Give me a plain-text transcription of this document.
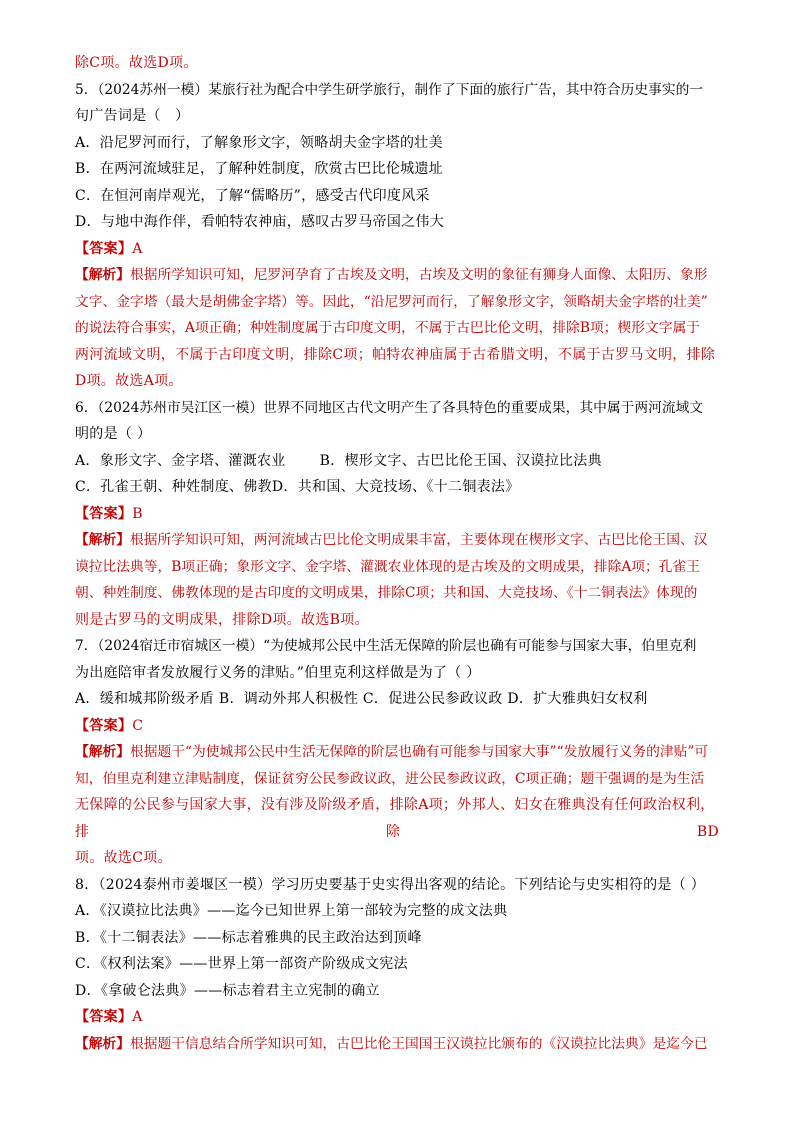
除C项。故选D项。
5．（2024苏州一模）某旅行社为配合中学生研学旅行，制作了下面的旅行广告，其中符合历史事实的一
句广告词是（　）
A．沿尼罗河而行，了解象形文字，领略胡夫金字塔的壮美
B．在两河流域驻足，了解种姓制度，欣赏古巴比伦城遗址
C．在恒河南岸观光，了解“儒略历”，感受古代印度风采
D．与地中海作伴，看帕特农神庙，感叹古罗马帝国之伟大
【答案】A
【解析】根据所学知识可知，尼罗河孕育了古埃及文明，古埃及文明的象征有狮身人面像、太阳历、象形
文字、金字塔（最大是胡佛金字塔）等。因此，“沿尼罗河而行，了解象形文字，领略胡夫金字塔的壮美”
的说法符合事实，A项正确；种姓制度属于古印度文明，不属于古巴比伦文明，排除B项；楔形文字属于
两河流域文明，不属于古印度文明，排除C项；帕特农神庙属于古希腊文明，不属于古罗马文明，排除
D项。故选A项。
6．（2024苏州市吴江区一模）世界不同地区古代文明产生了各具特色的重要成果，其中属于两河流域文
明的是（ ）
A．象形文字、金字塔、灌溉农业 B．楔形文字、古巴比伦王国、汉谟拉比法典
C．孔雀王朝、种姓制度、佛教D．共和国、大竞技场、《十二铜表法》
【答案】B
【解析】根据所学知识可知，两河流域古巴比伦文明成果丰富，主要体现在楔形文字、古巴比伦王国、汉
谟拉比法典等，B项正确；象形文字、金字塔、灌溉农业体现的是古埃及的文明成果，排除A项；孔雀王
朝、种姓制度、佛教体现的是古印度的文明成果，排除C项；共和国、大竞技场、《十二铜表法》体现的
则是古罗马的文明成果，排除D项。故选B项。
7．（2024宿迁市宿城区一模）“为使城邦公民中生活无保障的阶层也确有可能参与国家大事，伯里克利
为出庭陪审者发放履行义务的津贴。”伯里克利这样做是为了（ ）
A．缓和城邦阶级矛盾 B．调动外邦人积极性 C．促进公民参政议政 D．扩大雅典妇女权利
【答案】C
【解析】根据题干“为使城邦公民中生活无保障的阶层也确有可能参与国家大事”“发放履行义务的津贴”可
知，伯里克利建立津贴制度，保证贫穷公民参政议政，进公民参政议政，C项正确；题干强调的是为生活
无保障的公民参与国家大事，没有涉及阶级矛盾，排除A项；外邦人、妇女在雅典没有任何政治权利，
排	除	BD
项。故选C项。
8．（2024泰州市姜堰区一模）学习历史要基于史实得出客观的结论。下列结论与史实相符的是（ ）
A．《汉谟拉比法典》——迄今已知世界上第一部较为完整的成文法典
B．《十二铜表法》——标志着雅典的民主政治达到顶峰
C．《权利法案》——世界上第一部资产阶级成文宪法
D．《拿破仑法典》——标志着君主立宪制的确立
【答案】A
【解析】根据题干信息结合所学知识可知，古巴比伦王国国王汉谟拉比颁布的《汉谟拉比法典》是迄今已
